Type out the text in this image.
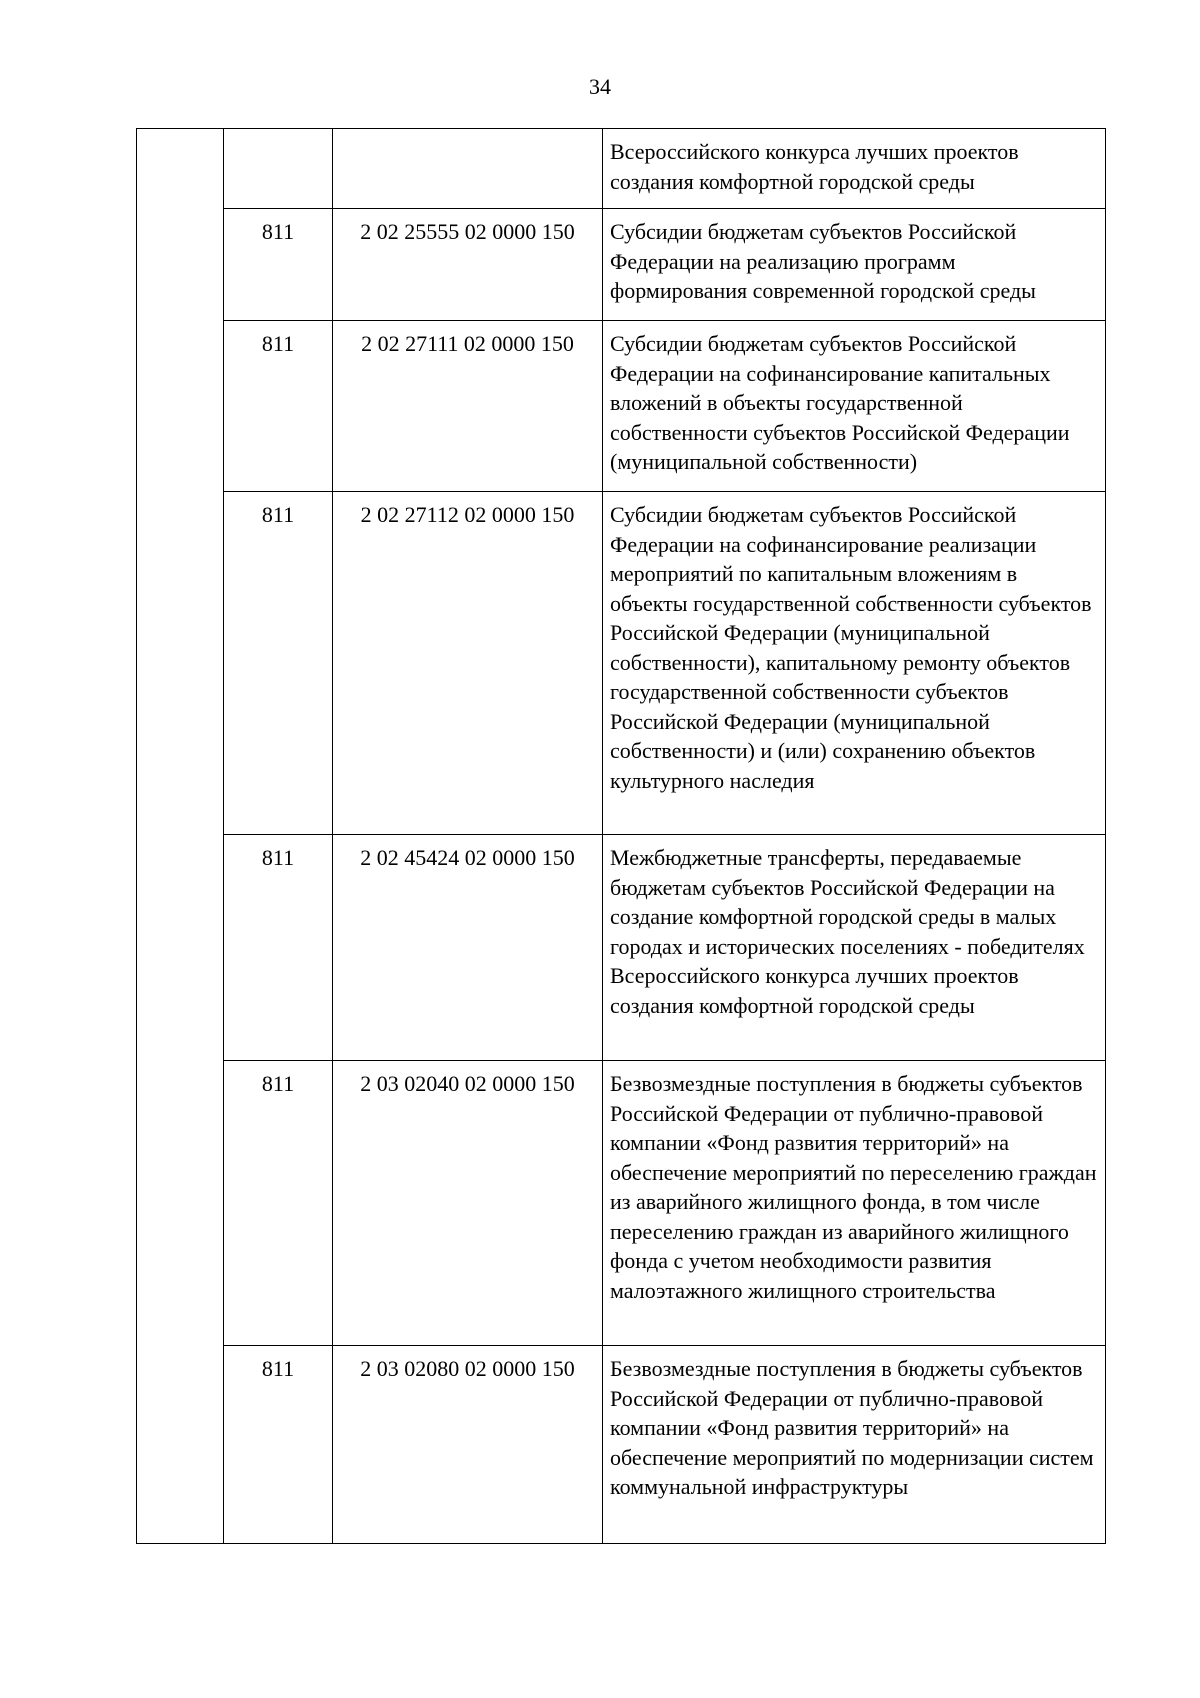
34
			Всероссийского конкурса лучших проектов создания комфортной городской среды
	811	2 02 25555 02 0000 150	Субсидии бюджетам субъектов Российской Федерации на реализацию программ формирования современной городской среды
	811	2 02 27111 02 0000 150	Субсидии бюджетам субъектов Российской Федерации на софинансирование капитальных вложений в объекты государственной собственности субъектов Российской Федерации (муниципальной собственности)
	811	2 02 27112 02 0000 150	Субсидии бюджетам субъектов Российской Федерации на софинансирование реализации мероприятий по капитальным вложениям в объекты государственной собственности субъектов Российской Федерации (муниципальной собственности), капитальному ремонту объектов государственной собственности субъектов Российской Федерации (муниципальной собственности) и (или) сохранению объектов культурного наследия
	811	2 02 45424 02 0000 150	Межбюджетные трансферты, передаваемые бюджетам субъектов Российской Федерации на создание комфортной городской среды в малых городах и исторических поселениях - победителях Всероссийского конкурса лучших проектов создания комфортной городской среды
	811	2 03 02040 02 0000 150	Безвозмездные поступления в бюджеты субъектов Российской Федерации от публично-правовой компании «Фонд развития территорий» на обеспечение мероприятий по переселению граждан из аварийного жилищного фонда, в том числе переселению граждан из аварийного жилищного фонда с учетом необходимости развития малоэтажного жилищного строительства
	811	2 03 02080 02 0000 150	Безвозмездные поступления в бюджеты субъектов Российской Федерации от публично-правовой компании «Фонд развития территорий» на обеспечение мероприятий по модернизации систем коммунальной инфраструктуры
